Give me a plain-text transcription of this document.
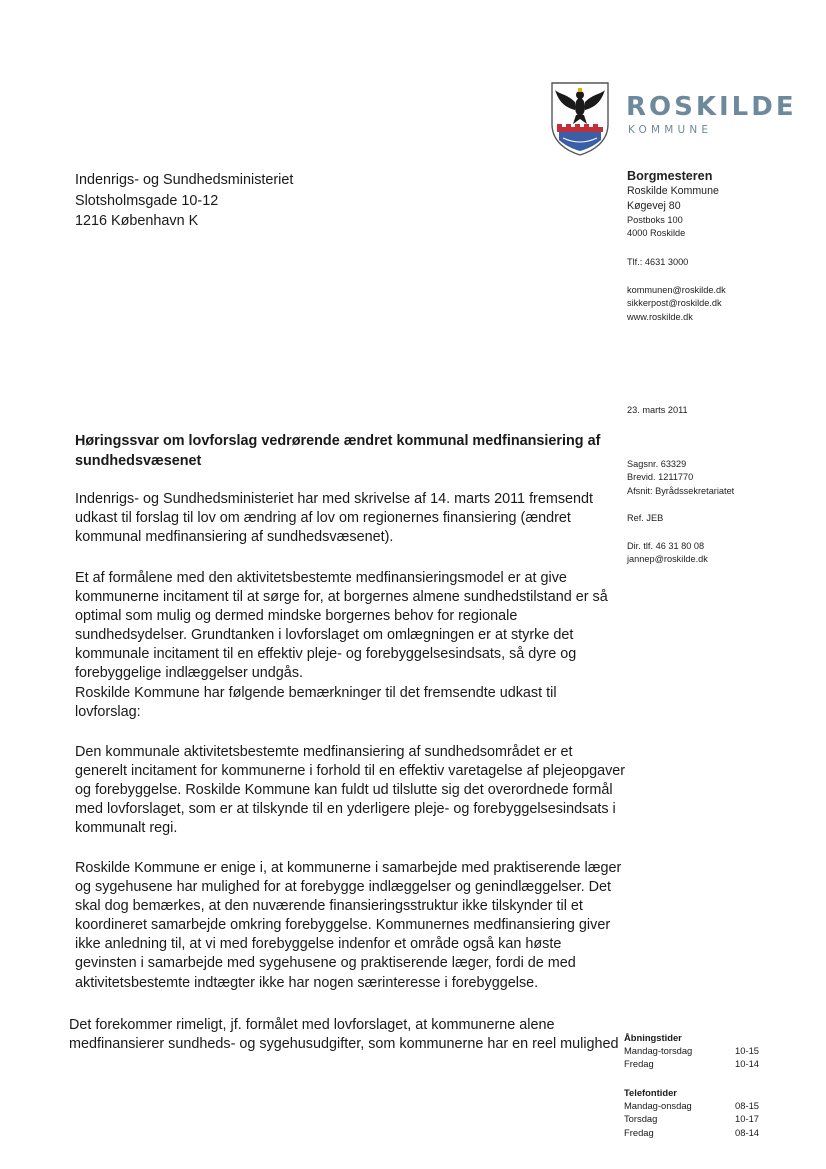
ROSKILDE
KOMMUNE
Indenrigs- og Sundhedsministeriet
Slotsholmsgade 10-12
1216 København K
Borgmesteren
Roskilde Kommune
Køgevej 80
Postboks 100
4000 Roskilde
Tlf.: 4631 3000
kommunen@roskilde.dk
sikkerpost@roskilde.dk
www.roskilde.dk
23. marts 2011
Sagsnr. 63329
Brevid. 1211770
Afsnit: Byrådssekretariatet
Ref. JEB
Dir. tlf. 46 31 80 08
jannep@roskilde.dk
Høringssvar om lovforslag vedrørende ændret kommunal medfinansiering af
sundhedsvæsenet
Indenrigs- og Sundhedsministeriet har med skrivelse af 14. marts 2011 fremsendt
udkast til forslag til lov om ændring af lov om regionernes finansiering (ændret
kommunal medfinansiering af sundhedsvæsenet).
Et af formålene med den aktivitetsbestemte medfinansieringsmodel er at give
kommunerne incitament til at sørge for, at borgernes almene sundhedstilstand er så
optimal som mulig og dermed mindske borgernes behov for regionale
sundhedsydelser. Grundtanken i lovforslaget om omlægningen er at styrke det
kommunale incitament til en effektiv pleje- og forebyggelsesindsats, så dyre og
forebyggelige indlæggelser undgås.
Roskilde Kommune har følgende bemærkninger til det fremsendte udkast til
lovforslag:
Den kommunale aktivitetsbestemte medfinansiering af sundhedsområdet er et
generelt incitament for kommunerne i forhold til en effektiv varetagelse af plejeopgaver
og forebyggelse. Roskilde Kommune kan fuldt ud tilslutte sig det overordnede formål
med lovforslaget, som er at tilskynde til en yderligere pleje- og forebyggelsesindsats i
kommunalt regi.
Roskilde Kommune er enige i, at kommunerne i samarbejde med praktiserende læger
og sygehusene har mulighed for at forebygge indlæggelser og genindlæggelser. Det
skal dog bemærkes, at den nuværende finansieringsstruktur ikke tilskynder til et
koordineret samarbejde omkring forebyggelse. Kommunernes medfinansiering giver
ikke anledning til, at vi med forebyggelse indenfor et område også kan høste
gevinsten i samarbejde med sygehusene og praktiserende læger, fordi de med
aktivitetsbestemte indtægter ikke har nogen særinteresse i forebyggelse.
Det forekommer rimeligt, jf. formålet med lovforslaget, at kommunerne alene
medfinansierer sundheds- og sygehusudgifter, som kommunerne har en reel mulighed Åbningstider
Mandag-torsdag	10-15
Fredag	10-14
Telefontider
Mandag-onsdag	08-15
Torsdag	10-17
Fredag	08-14
